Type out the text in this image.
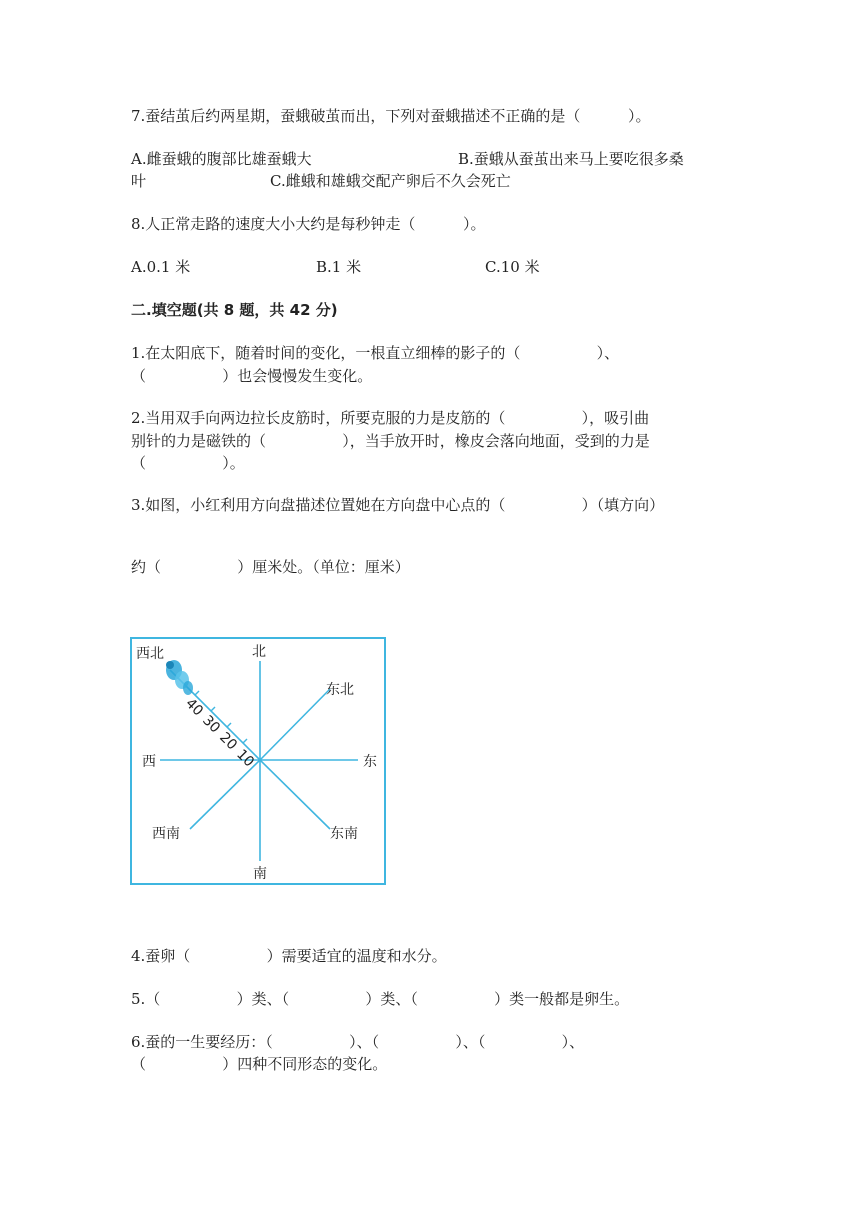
7.蚕结茧后约两星期，蚕蛾破茧而出，下列对蚕蛾描述不正确的是（          ）。
A.雌蚕蛾的腹部比雄蚕蛾大	B.蚕蛾从蚕茧出来马上要吃很多桑
叶	C.雌蛾和雄蛾交配产卵后不久会死亡
8.人正常走路的速度大小大约是每秒钟走（          ）。
A.0.1 米	B.1 米	C.10 米
二.填空题(共 8 题，共 42 分)
1.在太阳底下，随着时间的变化，一根直立细棒的影子的（                ）、
（                ）也会慢慢发生变化。
2.当用双手向两边拉长皮筋时，所要克服的力是皮筋的（                ），吸引曲
别针的力是磁铁的（                ），当手放开时，橡皮会落向地面，受到的力是
（                ）。
3.如图，小红利用方向盘描述位置她在方向盘中心点的（                ）（填方向）
约（                ）厘米处。（单位：厘米）
10
20
30
40
北
西北
东北
西	东
西南	东南
南
4.蚕卵（                ）需要适宜的温度和水分。
5.（                ）类、（                ）类、（                ）类一般都是卵生。
6.蚕的一生要经历：（                ）、（                ）、（                ）、
（                ）四种不同形态的变化。
